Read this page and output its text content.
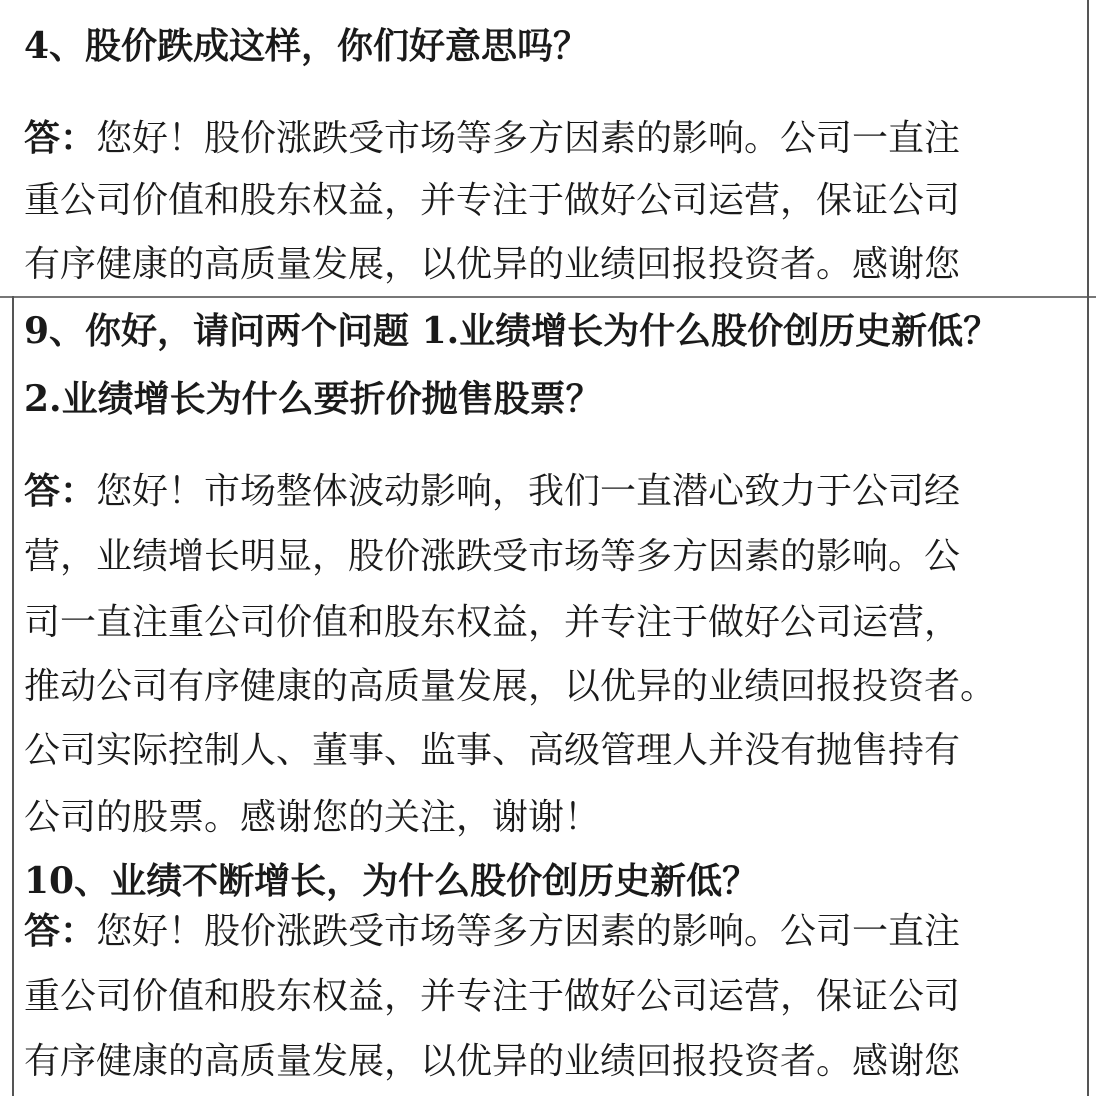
4、股价跌成这样，你们好意思吗？
答：您好！股价涨跌受市场等多方因素的影响。公司一直注
重公司价值和股东权益，并专注于做好公司运营，保证公司
有序健康的高质量发展，以优异的业绩回报投资者。感谢您
9、你好，请问两个问题 1.业绩增长为什么股价创历史新低？
2.业绩增长为什么要折价抛售股票？
答：您好！市场整体波动影响，我们一直潜心致力于公司经
营，业绩增长明显，股价涨跌受市场等多方因素的影响。公
司一直注重公司价值和股东权益，并专注于做好公司运营，
推动公司有序健康的高质量发展，以优异的业绩回报投资者。
公司实际控制人、董事、监事、高级管理人并没有抛售持有
公司的股票。感谢您的关注，谢谢！
10、业绩不断增长，为什么股价创历史新低？
答：您好！股价涨跌受市场等多方因素的影响。公司一直注
重公司价值和股东权益，并专注于做好公司运营，保证公司
有序健康的高质量发展，以优异的业绩回报投资者。感谢您
